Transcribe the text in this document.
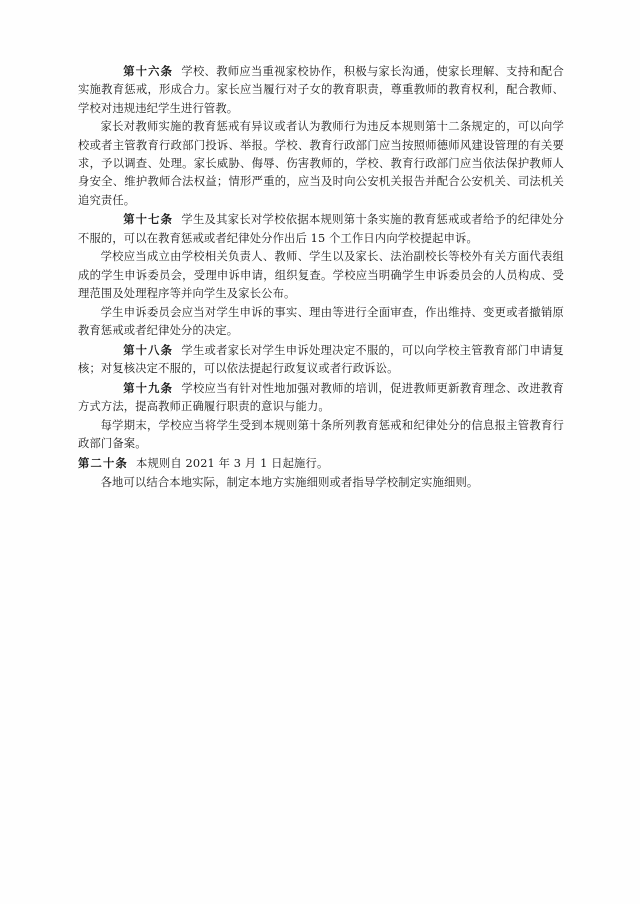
第十六条 学校、教师应当重视家校协作，积极与家长沟通，使家长理解、支持和配合实施教育惩戒，形成合力。家长应当履行对子女的教育职责，尊重教师的教育权利，配合教师、学校对违规违纪学生进行管教。

家长对教师实施的教育惩戒有异议或者认为教师行为违反本规则第十二条规定的，可以向学校或者主管教育行政部门投诉、举报。学校、教育行政部门应当按照师德师风建设管理的有关要求，予以调查、处理。家长威胁、侮辱、伤害教师的，学校、教育行政部门应当依法保护教师人身安全、维护教师合法权益；情形严重的，应当及时向公安机关报告并配合公安机关、司法机关追究责任。

第十七条 学生及其家长对学校依据本规则第十条实施的教育惩戒或者给予的纪律处分不服的，可以在教育惩戒或者纪律处分作出后 15 个工作日内向学校提起申诉。

学校应当成立由学校相关负责人、教师、学生以及家长、法治副校长等校外有关方面代表组成的学生申诉委员会，受理申诉申请，组织复查。学校应当明确学生申诉委员会的人员构成、受理范围及处理程序等并向学生及家长公布。

学生申诉委员会应当对学生申诉的事实、理由等进行全面审查，作出维持、变更或者撤销原教育惩戒或者纪律处分的决定。

第十八条 学生或者家长对学生申诉处理决定不服的，可以向学校主管教育部门申请复核；对复核决定不服的，可以依法提起行政复议或者行政诉讼。

第十九条 学校应当有针对性地加强对教师的培训，促进教师更新教育理念、改进教育方式方法，提高教师正确履行职责的意识与能力。

每学期末，学校应当将学生受到本规则第十条所列教育惩戒和纪律处分的信息报主管教育行政部门备案。

第二十条 本规则自 2021 年 3 月 1 日起施行。

各地可以结合本地实际，制定本地方实施细则或者指导学校制定实施细则。
